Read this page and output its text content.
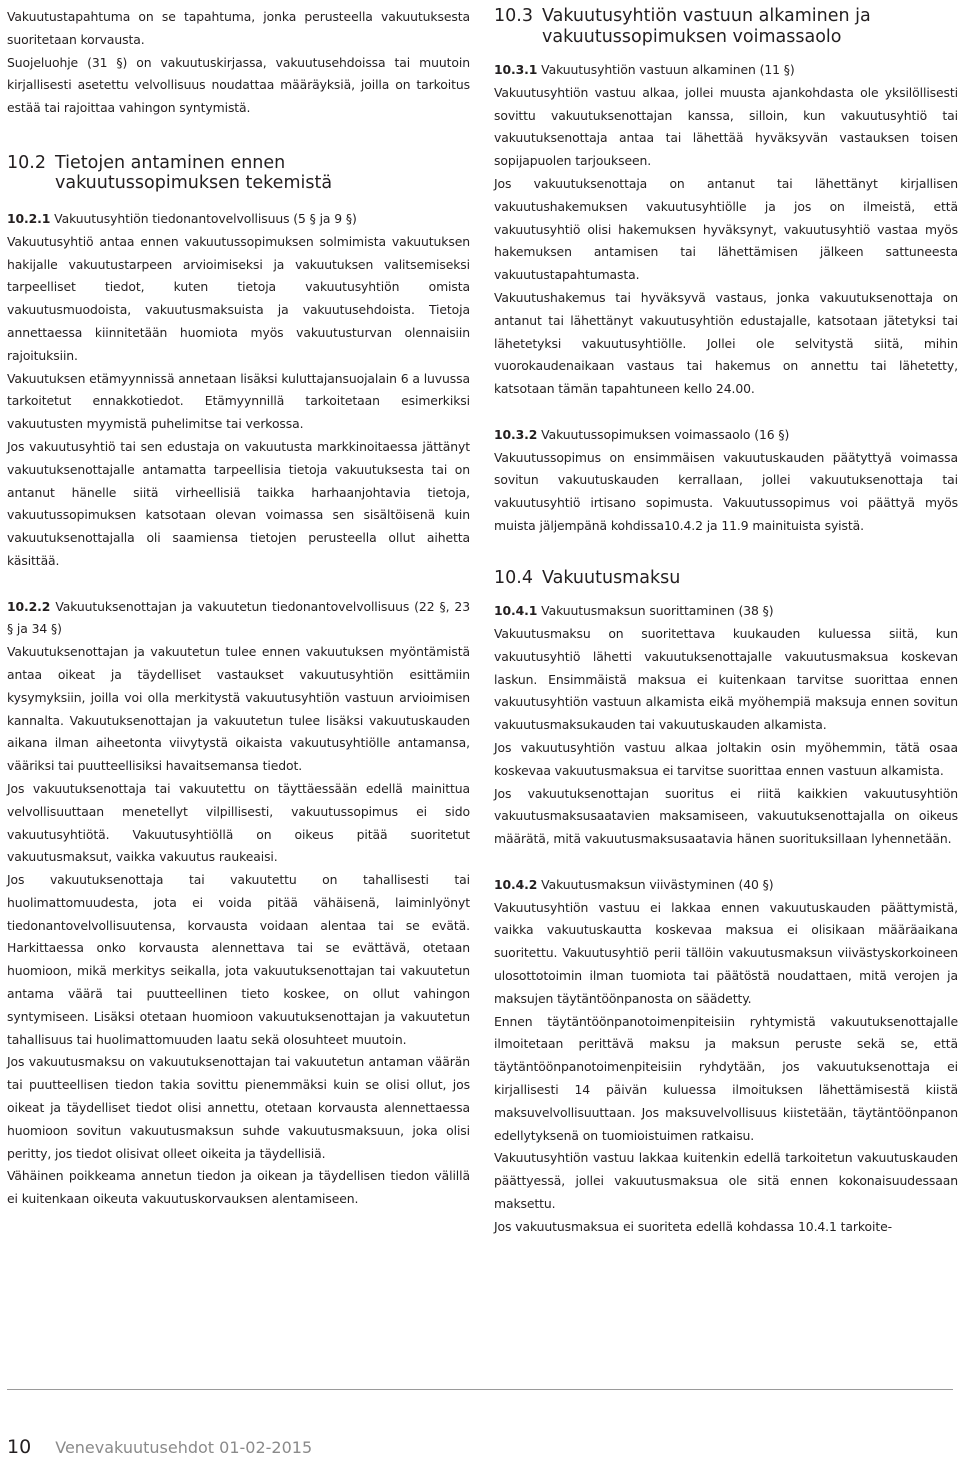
Vakuutustapahtuma on se tapahtuma, jonka perusteella vakuutuksesta suoritetaan korvausta.

Suojeluohje (31 §) on vakuutuskirjassa, vakuutusehdoissa tai muutoin kirjallisesti asetettu velvollisuus noudattaa määräyksiä, joilla on tarkoitus estää tai rajoittaa vahingon syntymistä.

10.2 Tietojen antaminen ennen vakuutussopimuksen tekemistä

10.2.1 Vakuutusyhtiön tiedonantovelvollisuus (5 § ja 9 §)

Vakuutusyhtiö antaa ennen vakuutussopimuksen solmimista vakuutuksen hakijalle vakuutustarpeen arvioimiseksi ja vakuutuksen valitsemiseksi tarpeelliset tiedot, kuten tietoja vakuutusyhtiön omista vakuutusmuodoista, vakuutusmaksuista ja vakuutusehdoista. Tietoja annettaessa kiinnitetään huomiota myös vakuutusturvan olennaisiin rajoituksiin.

Vakuutuksen etämyynnissä annetaan lisäksi kuluttajansuojalain 6 a luvussa tarkoitetut ennakkotiedot. Etämyynnillä tarkoitetaan esimerkiksi vakuutusten myymistä puhelimitse tai verkossa.

Jos vakuutusyhtiö tai sen edustaja on vakuutusta markkinoitaessa jättänyt vakuutuksenottajalle antamatta tarpeellisia tietoja vakuutuksesta tai on antanut hänelle siitä virheellisiä taikka harhaanjohtavia tietoja, vakuutussopimuksen katsotaan olevan voimassa sen sisältöisenä kuin vakuutuksenottajalla oli saamiensa tietojen perusteella ollut aihetta käsittää.

10.2.2 Vakuutuksenottajan ja vakuutetun tiedonantovelvollisuus (22 §, 23 § ja 34 §)

Vakuutuksenottajan ja vakuutetun tulee ennen vakuutuksen myöntämistä antaa oikeat ja täydelliset vastaukset vakuutusyhtiön esittämiin kysymyksiin, joilla voi olla merkitystä vakuutusyhtiön vastuun arvioimisen kannalta. Vakuutuksenottajan ja vakuutetun tulee lisäksi vakuutuskauden aikana ilman aiheetonta viivytystä oikaista vakuutusyhtiölle antamansa, vääriksi tai puutteellisiksi havaitsemansa tiedot.

Jos vakuutuksenottaja tai vakuutettu on täyttäessään edellä mainittua velvollisuuttaan menetellyt vilpillisesti, vakuutussopimus ei sido vakuutusyhtiötä. Vakuutusyhtiöllä on oikeus pitää suoritetut vakuutusmaksut, vaikka vakuutus raukeaisi.

Jos vakuutuksenottaja tai vakuutettu on tahallisesti tai huolimattomuudesta, jota ei voida pitää vähäisenä, laiminlyönyt tiedonantovelvollisuutensa, korvausta voidaan alentaa tai se evätä. Harkittaessa onko korvausta alennettava tai se evättävä, otetaan huomioon, mikä merkitys seikalla, jota vakuutuksenottajan tai vakuutetun antama väärä tai puutteellinen tieto koskee, on ollut vahingon syntymiseen. Lisäksi otetaan huomioon vakuutuksenottajan ja vakuutetun tahallisuus tai huolimattomuuden laatu sekä olosuhteet muutoin.

Jos vakuutusmaksu on vakuutuksenottajan tai vakuutetun antaman väärän tai puutteellisen tiedon takia sovittu pienemmäksi kuin se olisi ollut, jos oikeat ja täydelliset tiedot olisi annettu, otetaan korvausta alennettaessa huomioon sovitun vakuutusmaksun suhde vakuutusmaksuun, joka olisi peritty, jos tiedot olisivat olleet oikeita ja täydellisiä.

Vähäinen poikkeama annetun tiedon ja oikean ja täydellisen tiedon välillä ei kuitenkaan oikeuta vakuutuskorvauksen alentamiseen.

10.3 Vakuutusyhtiön vastuun alkaminen ja vakuutussopimuksen voimassaolo

10.3.1 Vakuutusyhtiön vastuun alkaminen (11 §)

Vakuutusyhtiön vastuu alkaa, jollei muusta ajankohdasta ole yksilöllisesti sovittu vakuutuksenottajan kanssa, silloin, kun vakuutusyhtiö tai vakuutuksenottaja antaa tai lähettää hyväksyvän vastauksen toisen sopijapuolen tarjoukseen.

Jos vakuutuksenottaja on antanut tai lähettänyt kirjallisen vakuutushakemuksen vakuutusyhtiölle ja jos on ilmeistä, että vakuutusyhtiö olisi hakemuksen hyväksynyt, vakuutusyhtiö vastaa myös hakemuksen antamisen tai lähettämisen jälkeen sattuneesta vakuutustapahtumasta.

Vakuutushakemus tai hyväksyvä vastaus, jonka vakuutuksenottaja on antanut tai lähettänyt vakuutusyhtiön edustajalle, katsotaan jätetyksi tai lähetetyksi vakuutusyhtiölle. Jollei ole selvitystä siitä, mihin vuorokaudenaikaan vastaus tai hakemus on annettu tai lähetetty, katsotaan tämän tapahtuneen kello 24.00.

10.3.2 Vakuutussopimuksen voimassaolo (16 §)

Vakuutussopimus on ensimmäisen vakuutuskauden päätyttyä voimassa sovitun vakuutuskauden kerrallaan, jollei vakuutuksenottaja tai vakuutusyhtiö irtisano sopimusta. Vakuutussopimus voi päättyä myös muista jäljempänä kohdissa10.4.2 ja 11.9 mainituista syistä.

10.4 Vakuutusmaksu

10.4.1 Vakuutusmaksun suorittaminen (38 §)

Vakuutusmaksu on suoritettava kuukauden kuluessa siitä, kun vakuutusyhtiö lähetti vakuutuksenottajalle vakuutusmaksua koskevan laskun. Ensimmäistä maksua ei kuitenkaan tarvitse suorittaa ennen vakuutusyhtiön vastuun alkamista eikä myöhempiä maksuja ennen sovitun vakuutusmaksukauden tai vakuutuskauden alkamista.

Jos vakuutusyhtiön vastuu alkaa joltakin osin myöhemmin, tätä osaa koskevaa vakuutusmaksua ei tarvitse suorittaa ennen vastuun alkamista.

Jos vakuutuksenottajan suoritus ei riitä kaikkien vakuutusyhtiön vakuutusmaksusaatavien maksamiseen, vakuutuksenottajalla on oikeus määrätä, mitä vakuutusmaksusaatavia hänen suorituksillaan lyhennetään.

10.4.2 Vakuutusmaksun viivästyminen (40 §)

Vakuutusyhtiön vastuu ei lakkaa ennen vakuutuskauden päättymistä, vaikka vakuutuskautta koskevaa maksua ei olisikaan määräaikana suoritettu. Vakuutusyhtiö perii tällöin vakuutusmaksun viivästyskorkoineen ulosottotoimin ilman tuomiota tai päätöstä noudattaen, mitä verojen ja maksujen täytäntöönpanosta on säädetty.

Ennen täytäntöönpanotoimenpiteisiin ryhtymistä vakuutuksenottajalle ilmoitetaan perittävä maksu ja maksun peruste sekä se, että täytäntöönpanotoimenpiteisiin ryhdytään, jos vakuutuksenottaja ei kirjallisesti 14 päivän kuluessa ilmoituksen lähettämisestä kiistä maksuvelvollisuuttaan. Jos maksuvelvollisuus kiistetään, täytäntöönpanon edellytyksenä on tuomioistuimen ratkaisu.

Vakuutusyhtiön vastuu lakkaa kuitenkin edellä tarkoitetun vakuutuskauden päättyessä, jollei vakuutusmaksua ole sitä ennen kokonaisuudessaan maksettu.

Jos vakuutusmaksua ei suoriteta edellä kohdassa 10.4.1 tarkoite-

10 Venevakuutusehdot 01-02-2015
